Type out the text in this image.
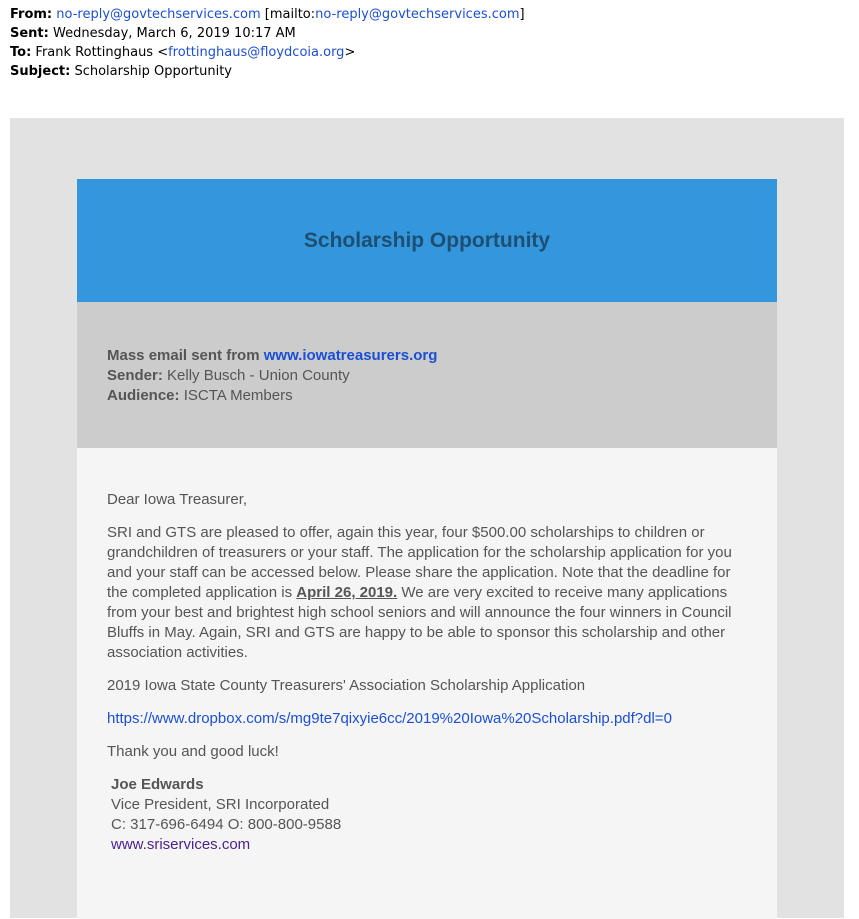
From: no-reply@govtechservices.com [mailto:no-reply@govtechservices.com]
Sent: Wednesday, March 6, 2019 10:17 AM
To: Frank Rottinghaus <frottinghaus@floydcoia.org>
Subject: Scholarship Opportunity
Scholarship Opportunity
Mass email sent from www.iowatreasurers.org
Sender: Kelly Busch - Union County
Audience: ISCTA Members

Dear Iowa Treasurer,

SRI and GTS are pleased to offer, again this year, four $500.00 scholarships to children or grandchildren of treasurers or your staff. The application for the scholarship application for you and your staff can be accessed below. Please share the application. Note that the deadline for the completed application is April 26, 2019. We are very excited to receive many applications from your best and brightest high school seniors and will announce the four winners in Council Bluffs in May. Again, SRI and GTS are happy to be able to sponsor this scholarship and other association activities.

2019 Iowa State County Treasurers' Association Scholarship Application

https://www.dropbox.com/s/mg9te7qixyie6cc/2019%20Iowa%20Scholarship.pdf?dl=0

Thank you and good luck!

Joe Edwards
Vice President, SRI Incorporated
C: 317-696-6494 O: 800-800-9588
www.sriservices.com
